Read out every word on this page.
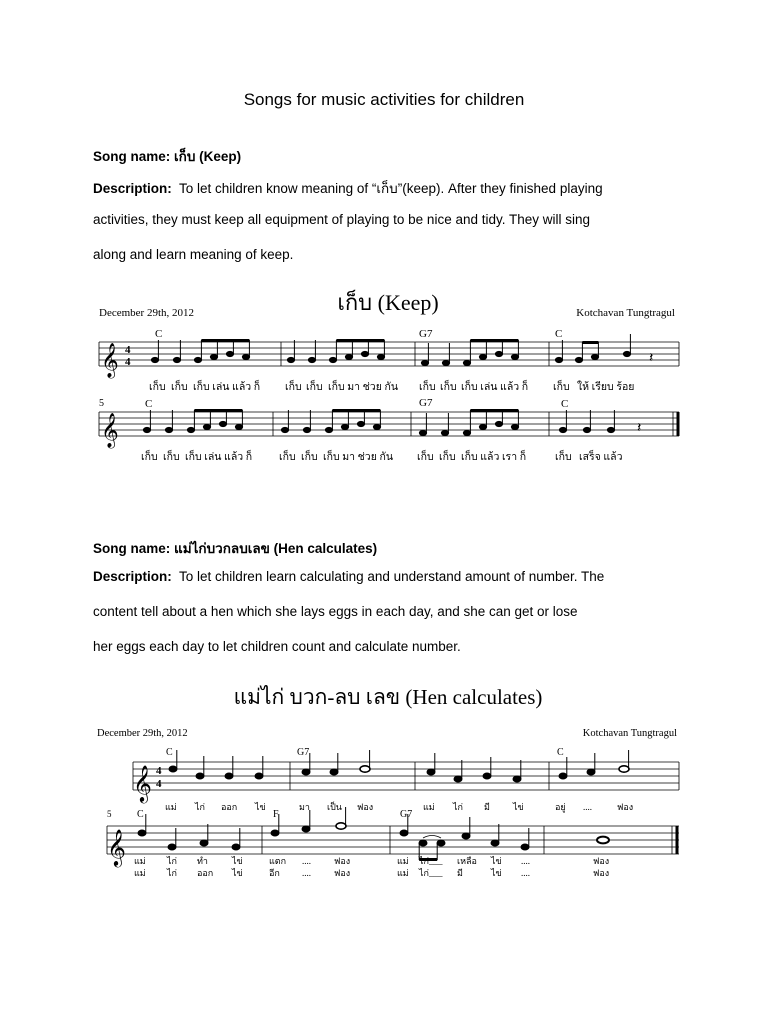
Songs for music activities for children
Song name: เก็บ (Keep)
Description: To let children know meaning of “เก็บ”(keep). After they finished playing
activities, they must keep all equipment of playing to be nice and tidy. They will sing
along and learn meaning of keep.
เก็บ (Keep)
December 29th, 2012	Kotchavan Tungtragul
𝄞 4
4
C	G7	C
𝄽
เก็บ เก็บ เก็บ เล่น แล้ว ก็ เก็บ เก็บ เก็บ มา ช่วย กัน เก็บ เก็บ เก็บ เล่น แล้ว ก็ เก็บ ให้ เรียบ ร้อย
𝄞
5	C	G7	C
𝄽
เก็บ เก็บ เก็บ เล่น แล้ว ก็	เก็บ เก็บ เก็บ มา ช่วย กัน เก็บ เก็บ เก็บ แล้ว เรา ก็	เก็บ เสร็จ แล้ว
Song name: แม่ไก่บวกลบเลข (Hen calculates)
Description: To let children learn calculating and understand amount of number. The
content tell about a hen which she lays eggs in each day, and she can get or lose
her eggs each day to let children count and calculate number.
แม่ไก่ บวก-ลบ เลข (Hen calculates)
December 29th, 2012	Kotchavan Tungtragul
𝄞 4
4
C	G7	C
แม่ ไก่ ออก ไข่	มา เป็น ฟอง	แม่ ไก่ มี	ไข่	อยู่ ....	ฟอง
𝄞
5	C	F	G7
แม่ ไก่ ทำ	ไข่	แตก ....	ฟอง	แม่ ไก่___ เหลือ ไข่ ....	ฟอง
แม่ ไก่ ออก ไข่	อีก ....	ฟอง	แม่ ไก่___ มี	ไข่ ....	ฟอง
